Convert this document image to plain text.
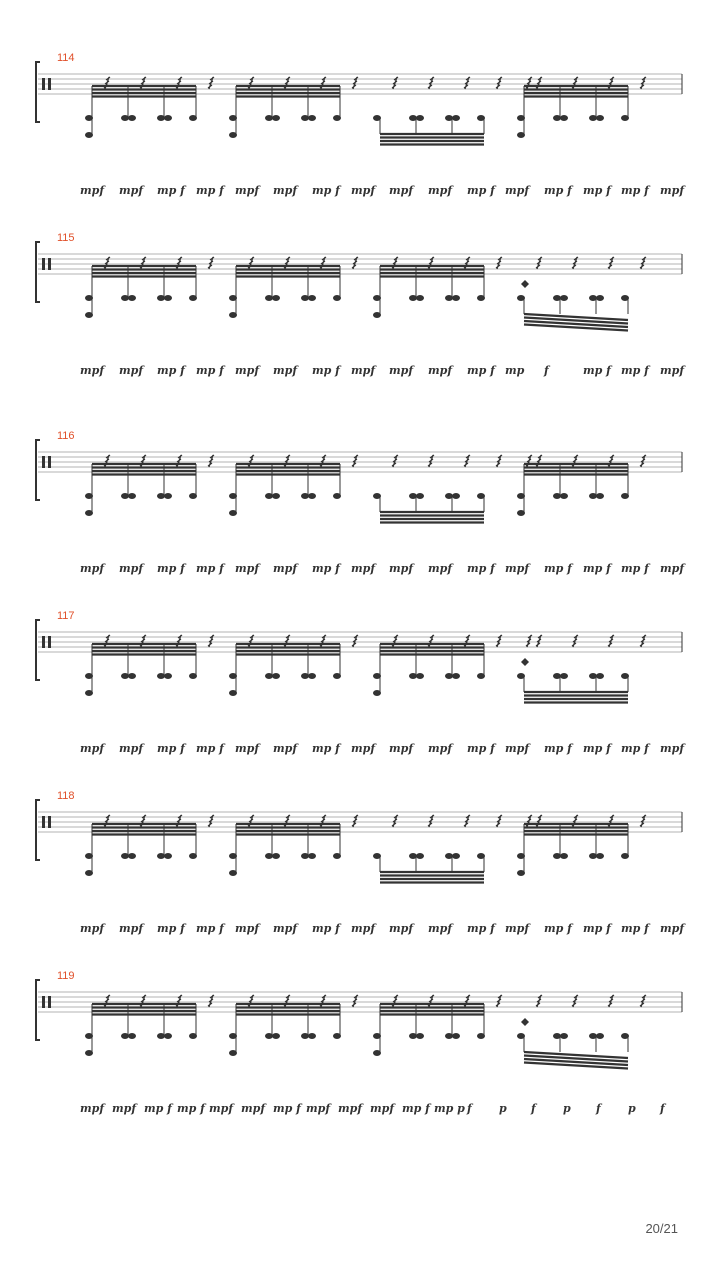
114
mpf mpf mp f mp f mpf mpf mp f mpf mpf mpf mp f mpf mp f mp f mp f mpf
115
mpf mpf mp f mp f mpf mpf mp f mpf mpf mpf mp f mp f	mp f mp f mpf
116
mpf mpf mp f mp f mpf mpf mp f mpf mpf mpf mp f mpf mp f mp f mp f mpf
117
mpf mpf mp f mp f mpf mpf mp f mpf mpf mpf mp f mpf mp f mp f mp f mpf
118
mpf mpf mp f mp f mpf mpf mp f mpf mpf mpf mp f mpf mp f mp f mp f mpf
119
mpf mpf mp f mp f mpf mpf mp f mpf mpf mpf mp f mp p f p f p f p f
20/21
